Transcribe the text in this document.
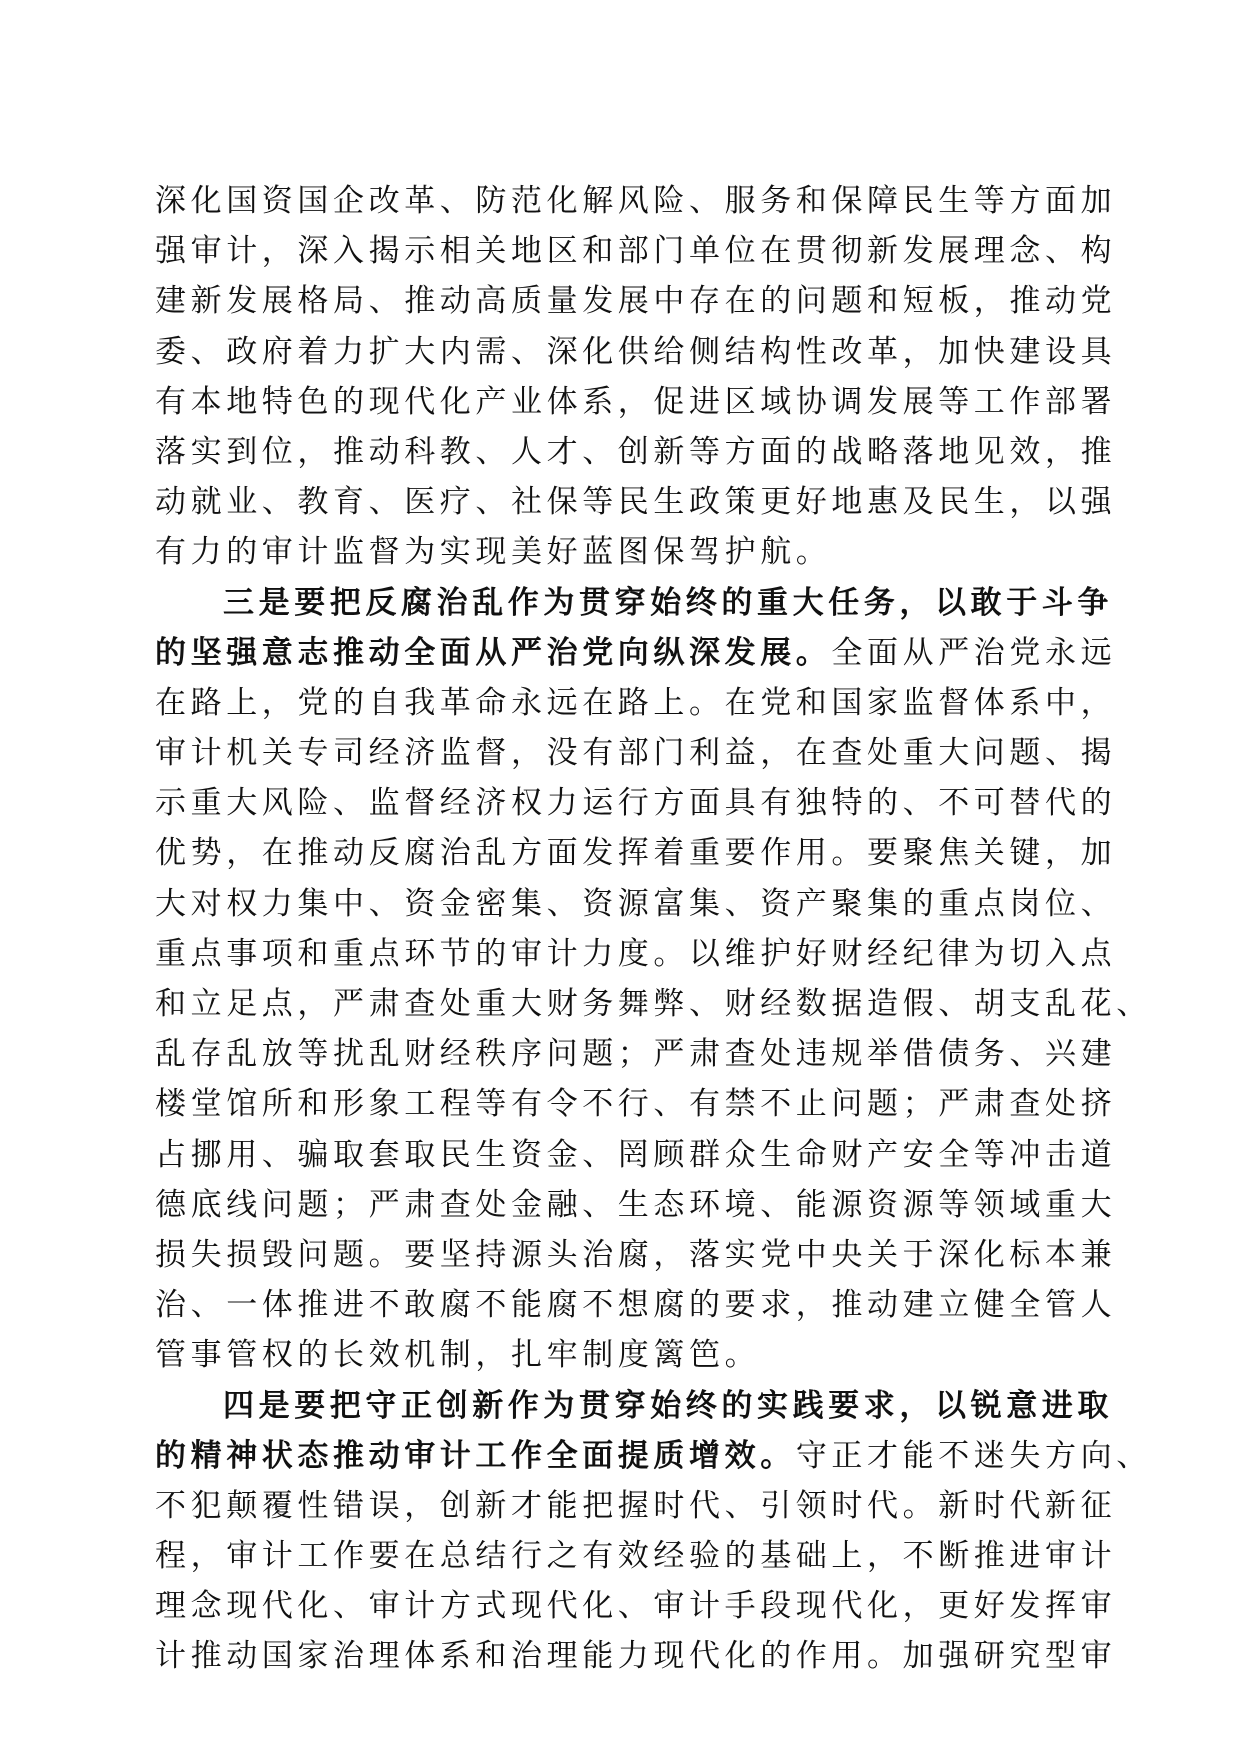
深化国资国企改革、防范化解风险、服务和保障民生等方面加
强审计，深入揭示相关地区和部门单位在贯彻新发展理念、构
建新发展格局、推动高质量发展中存在的问题和短板，推动党
委、政府着力扩大内需、深化供给侧结构性改革，加快建设具
有本地特色的现代化产业体系，促进区域协调发展等工作部署
落实到位，推动科教、人才、创新等方面的战略落地见效，推
动就业、教育、医疗、社保等民生政策更好地惠及民生，以强
有力的审计监督为实现美好蓝图保驾护航。
三是要把反腐治乱作为贯穿始终的重大任务，以敢于斗争
的坚强意志推动全面从严治党向纵深发展。全面从严治党永远
在路上，党的自我革命永远在路上。在党和国家监督体系中，
审计机关专司经济监督，没有部门利益，在查处重大问题、揭
示重大风险、监督经济权力运行方面具有独特的、不可替代的
优势，在推动反腐治乱方面发挥着重要作用。要聚焦关键，加
大对权力集中、资金密集、资源富集、资产聚集的重点岗位、
重点事项和重点环节的审计力度。以维护好财经纪律为切入点
和立足点，严肃查处重大财务舞弊、财经数据造假、胡支乱花、
乱存乱放等扰乱财经秩序问题；严肃查处违规举借债务、兴建
楼堂馆所和形象工程等有令不行、有禁不止问题；严肃查处挤
占挪用、骗取套取民生资金、罔顾群众生命财产安全等冲击道
德底线问题；严肃查处金融、生态环境、能源资源等领域重大
损失损毁问题。要坚持源头治腐，落实党中央关于深化标本兼
治、一体推进不敢腐不能腐不想腐的要求，推动建立健全管人
管事管权的长效机制，扎牢制度篱笆。
四是要把守正创新作为贯穿始终的实践要求，以锐意进取
的精神状态推动审计工作全面提质增效。守正才能不迷失方向、
不犯颠覆性错误，创新才能把握时代、引领时代。新时代新征
程，审计工作要在总结行之有效经验的基础上，不断推进审计
理念现代化、审计方式现代化、审计手段现代化，更好发挥审
计推动国家治理体系和治理能力现代化的作用。加强研究型审
